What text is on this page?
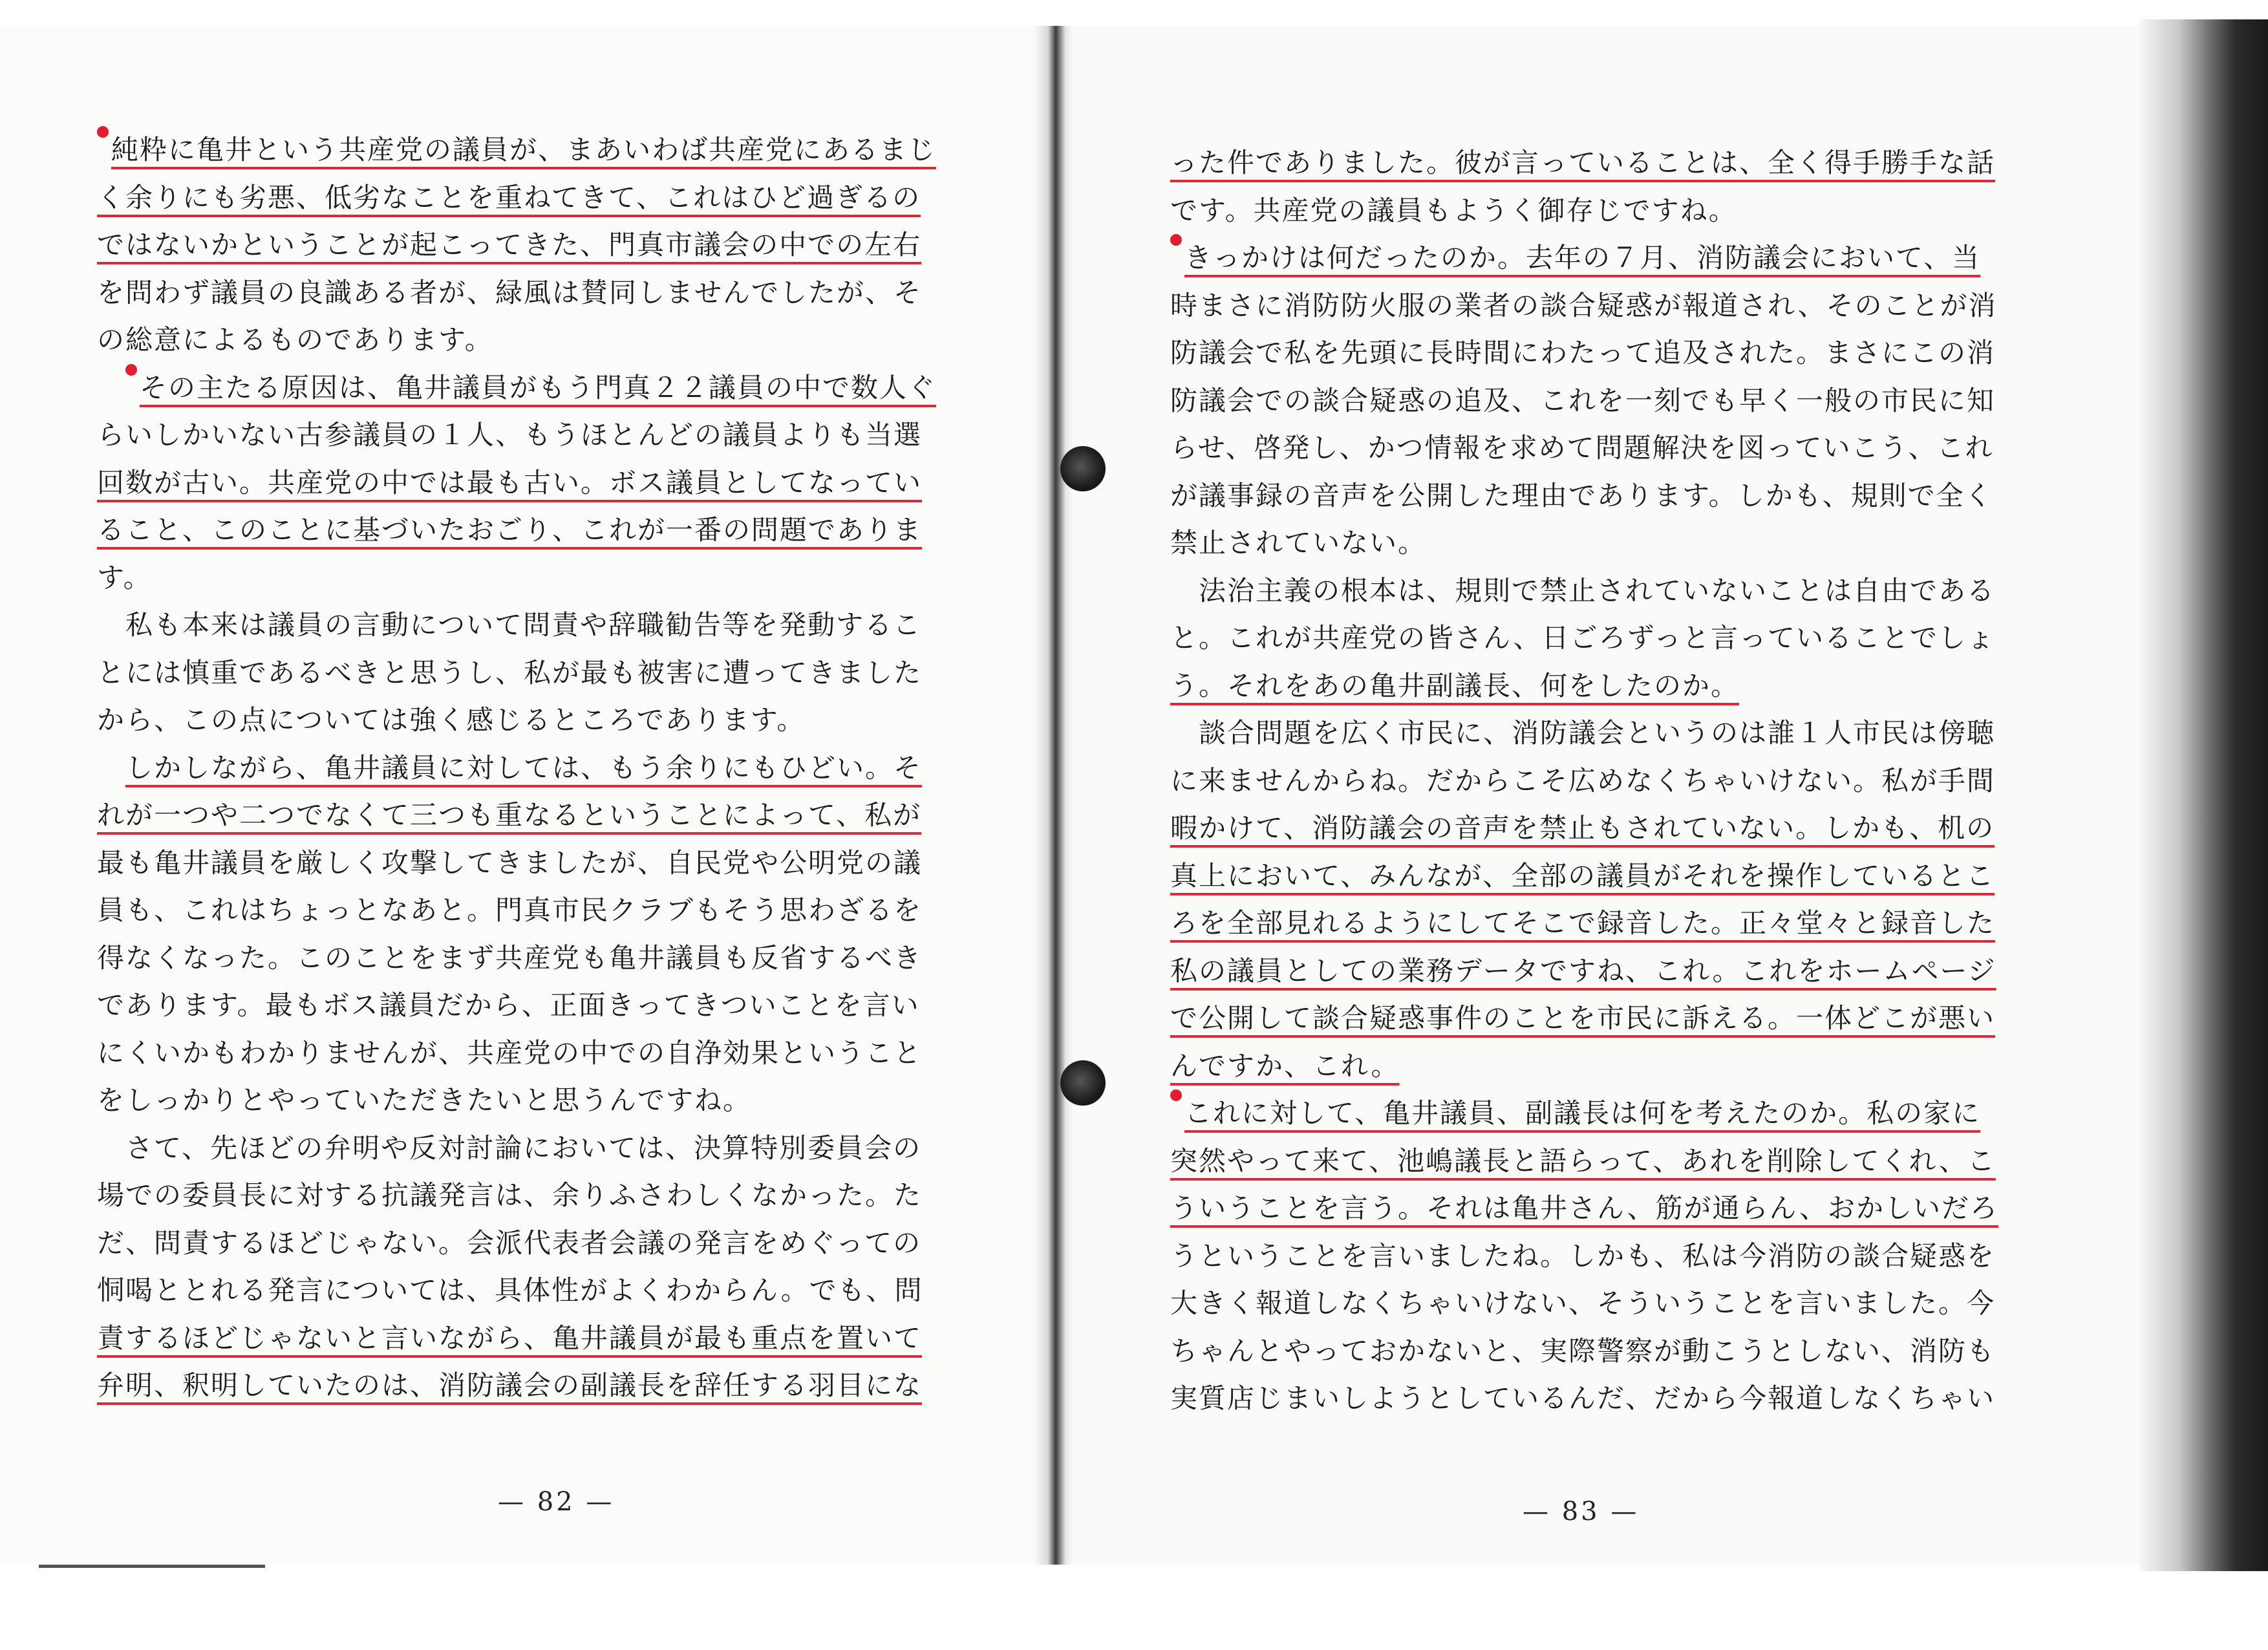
純粋に亀井という共産党の議員が、まあいわば共産党にあるまじ

く余りにも劣悪、低劣なことを重ねてきて、これはひど過ぎるの

ではないかということが起こってきた、門真市議会の中での左右

を問わず議員の良識ある者が、緑風は賛同しませんでしたが、そ

の総意によるものであります。

　その主たる原因は、亀井議員がもう門真２２議員の中で数人ぐ

らいしかいない古参議員の１人、もうほとんどの議員よりも当選

回数が古い。共産党の中では最も古い。ボス議員としてなってい

ること、このことに基づいたおごり、これが一番の問題でありま

す。

　私も本来は議員の言動について問責や辞職勧告等を発動するこ

とには慎重であるべきと思うし、私が最も被害に遭ってきました

から、この点については強く感じるところであります。

　しかしながら、亀井議員に対しては、もう余りにもひどい。そ

れが一つや二つでなくて三つも重なるということによって、私が

最も亀井議員を厳しく攻撃してきましたが、自民党や公明党の議

員も、これはちょっとなあと。門真市民クラブもそう思わざるを

得なくなった。このことをまず共産党も亀井議員も反省するべき

であります。最もボス議員だから、正面きってきついことを言い

にくいかもわかりませんが、共産党の中での自浄効果ということ

をしっかりとやっていただきたいと思うんですね。

　さて、先ほどの弁明や反対討論においては、決算特別委員会の

場での委員長に対する抗議発言は、余りふさわしくなかった。た

だ、問責するほどじゃない。会派代表者会議の発言をめぐっての

恫喝ととれる発言については、具体性がよくわからん。でも、問

責するほどじゃないと言いながら、亀井議員が最も重点を置いて

弁明、釈明していたのは、消防議会の副議長を辞任する羽目にな

った件でありました。彼が言っていることは、全く得手勝手な話

です。共産党の議員もようく御存じですね。

きっかけは何だったのか。去年の７月、消防議会において、当

時まさに消防防火服の業者の談合疑惑が報道され、そのことが消

防議会で私を先頭に長時間にわたって追及された。まさにこの消

防議会での談合疑惑の追及、これを一刻でも早く一般の市民に知

らせ、啓発し、かつ情報を求めて問題解決を図っていこう、これ

が議事録の音声を公開した理由であります。しかも、規則で全く

禁止されていない。

　法治主義の根本は、規則で禁止されていないことは自由である

と。これが共産党の皆さん、日ごろずっと言っていることでしょ

う。それをあの亀井副議長、何をしたのか。

　談合問題を広く市民に、消防議会というのは誰１人市民は傍聴

に来ませんからね。だからこそ広めなくちゃいけない。私が手間

暇かけて、消防議会の音声を禁止もされていない。しかも、机の

真上において、みんなが、全部の議員がそれを操作しているとこ

ろを全部見れるようにしてそこで録音した。正々堂々と録音した

私の議員としての業務データですね、これ。これをホームページ

で公開して談合疑惑事件のことを市民に訴える。一体どこが悪い

んですか、これ。

これに対して、亀井議員、副議長は何を考えたのか。私の家に

突然やって来て、池嶋議長と語らって、あれを削除してくれ、こ

ういうことを言う。それは亀井さん、筋が通らん、おかしいだろ

うということを言いましたね。しかも、私は今消防の談合疑惑を

大きく報道しなくちゃいけない、そういうことを言いました。今

ちゃんとやっておかないと、実際警察が動こうとしない、消防も

実質店じまいしようとしているんだ、だから今報道しなくちゃい

— 82 —	— 83 —
